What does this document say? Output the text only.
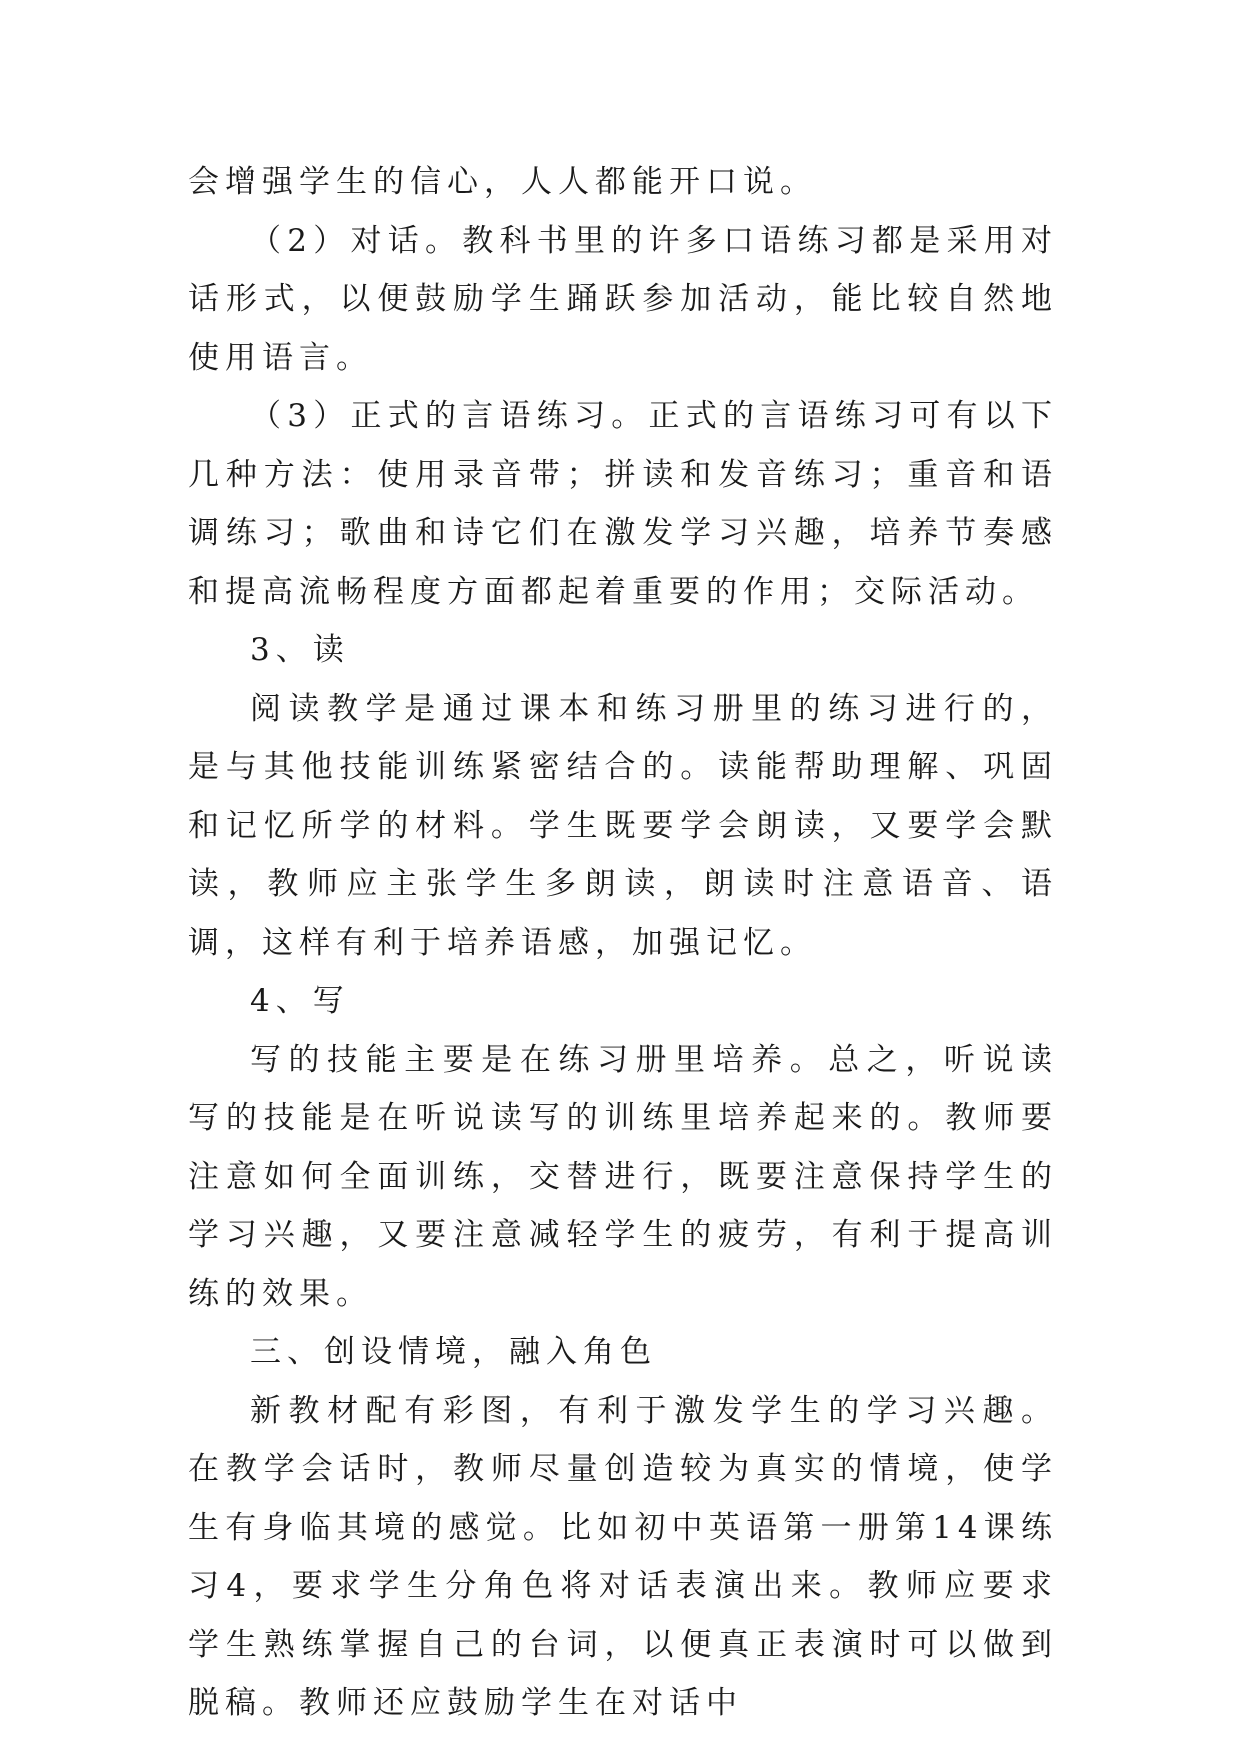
会增强学生的信心，人人都能开口说。

（2）对话。教科书里的许多口语练习都是采用对话形式，以便鼓励学生踊跃参加活动，能比较自然地使用语言。

（3）正式的言语练习。正式的言语练习可有以下几种方法：使用录音带；拼读和发音练习；重音和语调练习；歌曲和诗它们在激发学习兴趣，培养节奏感和提高流畅程度方面都起着重要的作用；交际活动。

3、读

阅读教学是通过课本和练习册里的练习进行的，是与其他技能训练紧密结合的。读能帮助理解、巩固和记忆所学的材料。学生既要学会朗读，又要学会默读，教师应主张学生多朗读，朗读时注意语音、语调，这样有利于培养语感，加强记忆。

4、写

写的技能主要是在练习册里培养。总之，听说读写的技能是在听说读写的训练里培养起来的。教师要注意如何全面训练，交替进行，既要注意保持学生的学习兴趣，又要注意减轻学生的疲劳，有利于提高训练的效果。

三、创设情境，融入角色

新教材配有彩图，有利于激发学生的学习兴趣。在教学会话时，教师尽量创造较为真实的情境，使学生有身临其境的感觉。比如初中英语第一册第14课练习4，要求学生分角色将对话表演出来。教师应要求学生熟练掌握自己的台词，以便真正表演时可以做到脱稿。教师还应鼓励学生在对话中
